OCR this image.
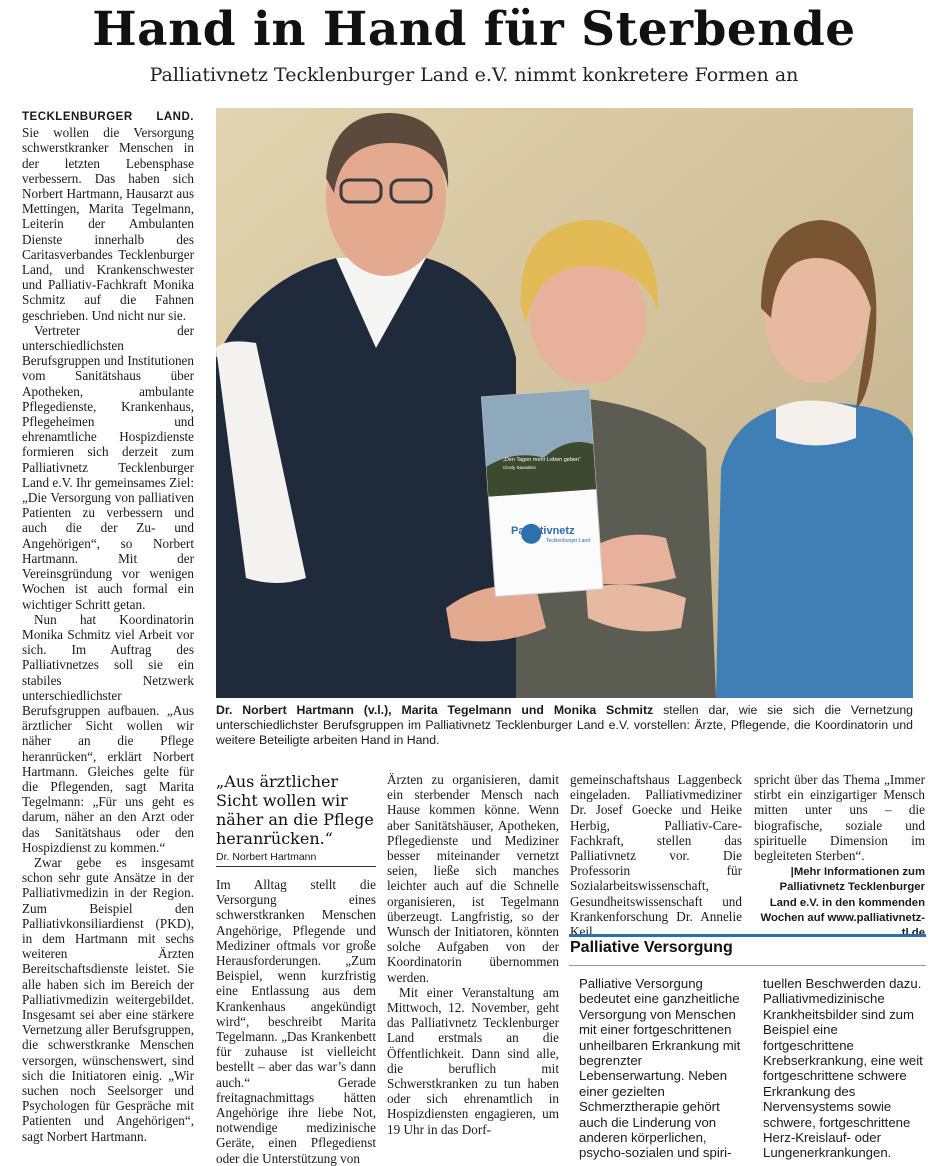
Hand in Hand für Sterbende
Palliativnetz Tecklenburger Land e.V. nimmt konkretere Formen an

TECKLENBURGER LAND. Sie wollen die Versorgung schwerstkranker Menschen in der letzten Lebensphase verbessern. Das haben sich Norbert Hartmann, Hausarzt aus Mettingen, Marita Tegelmann, Leiterin der Ambulanten Dienste innerhalb des Caritasverbandes Tecklenburger Land, und Krankenschwester und Palliativ-Fachkraft Monika Schmitz auf die Fahnen geschrieben. Und nicht nur sie.

Vertreter der unterschiedlichsten Berufsgruppen und Institutionen vom Sanitätshaus über Apotheken, ambulante Pflegedienste, Krankenhaus, Pflegeheimen und ehrenamtliche Hospizdienste formieren sich derzeit zum Palliativnetz Tecklenburger Land e.V. Ihr gemeinsames Ziel: „Die Versorgung von palliativen Patienten zu verbessern und auch die der Zu- und Angehörigen“, so Norbert Hartmann. Mit der Vereinsgründung vor wenigen Wochen ist auch formal ein wichtiger Schritt getan.

Nun hat Koordinatorin Monika Schmitz viel Arbeit vor sich. Im Auftrag des Palliativnetzes soll sie ein stabiles Netzwerk unterschiedlichster Berufsgruppen aufbauen. „Aus ärztlicher Sicht wollen wir näher an die Pflege heranrücken“, erklärt Norbert Hartmann. Gleiches gelte für die Pflegenden, sagt Marita Tegelmann: „Für uns geht es darum, näher an den Arzt oder das Sanitätshaus oder den Hospizdienst zu kommen.“

Zwar gebe es insgesamt schon sehr gute Ansätze in der Palliativmedizin in der Region. Zum Beispiel den Palliativkonsiliardienst (PKD), in dem Hartmann mit sechs weiteren Ärzten Bereitschaftsdienste leistet. Sie alle haben sich im Bereich der Palliativmedizin weitergebildet. Insgesamt sei aber eine stärkere Vernetzung aller Berufsgruppen, die schwerstkranke Menschen versorgen, wünschenswert, sind sich die Initiatoren einig. „Wir suchen noch Seelsorger und Psychologen für Gespräche mit Patienten und Angehörigen“, sagt Norbert Hartmann.

„Den Tagen mehr Leben geben“
Cicely Saunders
Palliativnetz
Tecklenburger Land
Dr. Norbert Hartmann (v.l.), Marita Tegelmann und Monika Schmitz stellen dar, wie sie sich die Vernetzung unterschiedlichster Berufsgruppen im Palliativnetz Tecklenburger Land e.V. vorstellen: Ärzte, Pflegende, die Koordinatorin und weitere Beteiligte arbeiten Hand in Hand.
„Aus ärztlicher Sicht wollen wir näher an die Pflege heranrücken.“
Dr. Norbert Hartmann

Im Alltag stellt die Versorgung eines schwerstkranken Menschen Angehörige, Pflegende und Mediziner oftmals vor große Herausforderungen. „Zum Beispiel, wenn kurzfristig eine Entlassung aus dem Krankenhaus angekündigt wird“, beschreibt Marita Tegelmann. „Das Krankenbett für zuhause ist vielleicht bestellt – aber das war’s dann auch.“ Gerade freitagnachmittags hätten Angehörige ihre liebe Not, notwendige medizinische Geräte, einen Pflegedienst oder die Unterstützung von

Ärzten zu organisieren, damit ein sterbender Mensch nach Hause kommen könne. Wenn aber Sanitätshäuser, Apotheken, Pflegedienste und Mediziner besser miteinander vernetzt seien, ließe sich manches leichter auch auf die Schnelle organisieren, ist Tegelmann überzeugt. Langfristig, so der Wunsch der Initiatoren, könnten solche Aufgaben von der Koordinatorin übernommen werden.

Mit einer Veranstaltung am Mittwoch, 12. November, geht das Palliativnetz Tecklenburger Land erstmals an die Öffentlichkeit. Dann sind alle, die beruflich mit Schwerstkranken zu tun haben oder sich ehrenamtlich in Hospizdiensten engagieren, um 19 Uhr in das Dorf-

gemeinschaftshaus Laggenbeck eingeladen. Palliativmediziner Dr. Josef Goecke und Heike Herbig, Palliativ-Care-Fachkraft, stellen das Palliativnetz vor. Die Professorin für Sozialarbeitswissenschaft, Gesundheitswissenschaft und Krankenforschung Dr. Annelie Keil

spricht über das Thema „Immer stirbt ein einzigartiger Mensch mitten unter uns – die biografische, soziale und spirituelle Dimension im begleiteten Sterben“.

|Mehr Informationen zum Palliativnetz Tecklenburger Land e.V. in den kommenden Wochen auf www.palliativnetz-tl.de
Palliative Versorgung
Palliative Versorgung bedeutet eine ganzheitliche Versorgung von Menschen mit einer fortgeschrittenen unheilbaren Erkrankung mit begrenzter Lebenserwartung. Neben einer gezielten Schmerztherapie gehört auch die Linderung von anderen körperlichen, psycho-sozialen und spiri-
tuellen Beschwerden dazu. Palliativmedizinische Krankheitsbilder sind zum Beispiel eine fortgeschrittene Krebserkrankung, eine weit fortgeschrittene schwere Erkrankung des Nervensystems sowie schwere, fortgeschrittene Herz-Kreislauf- oder Lungenerkrankungen.
